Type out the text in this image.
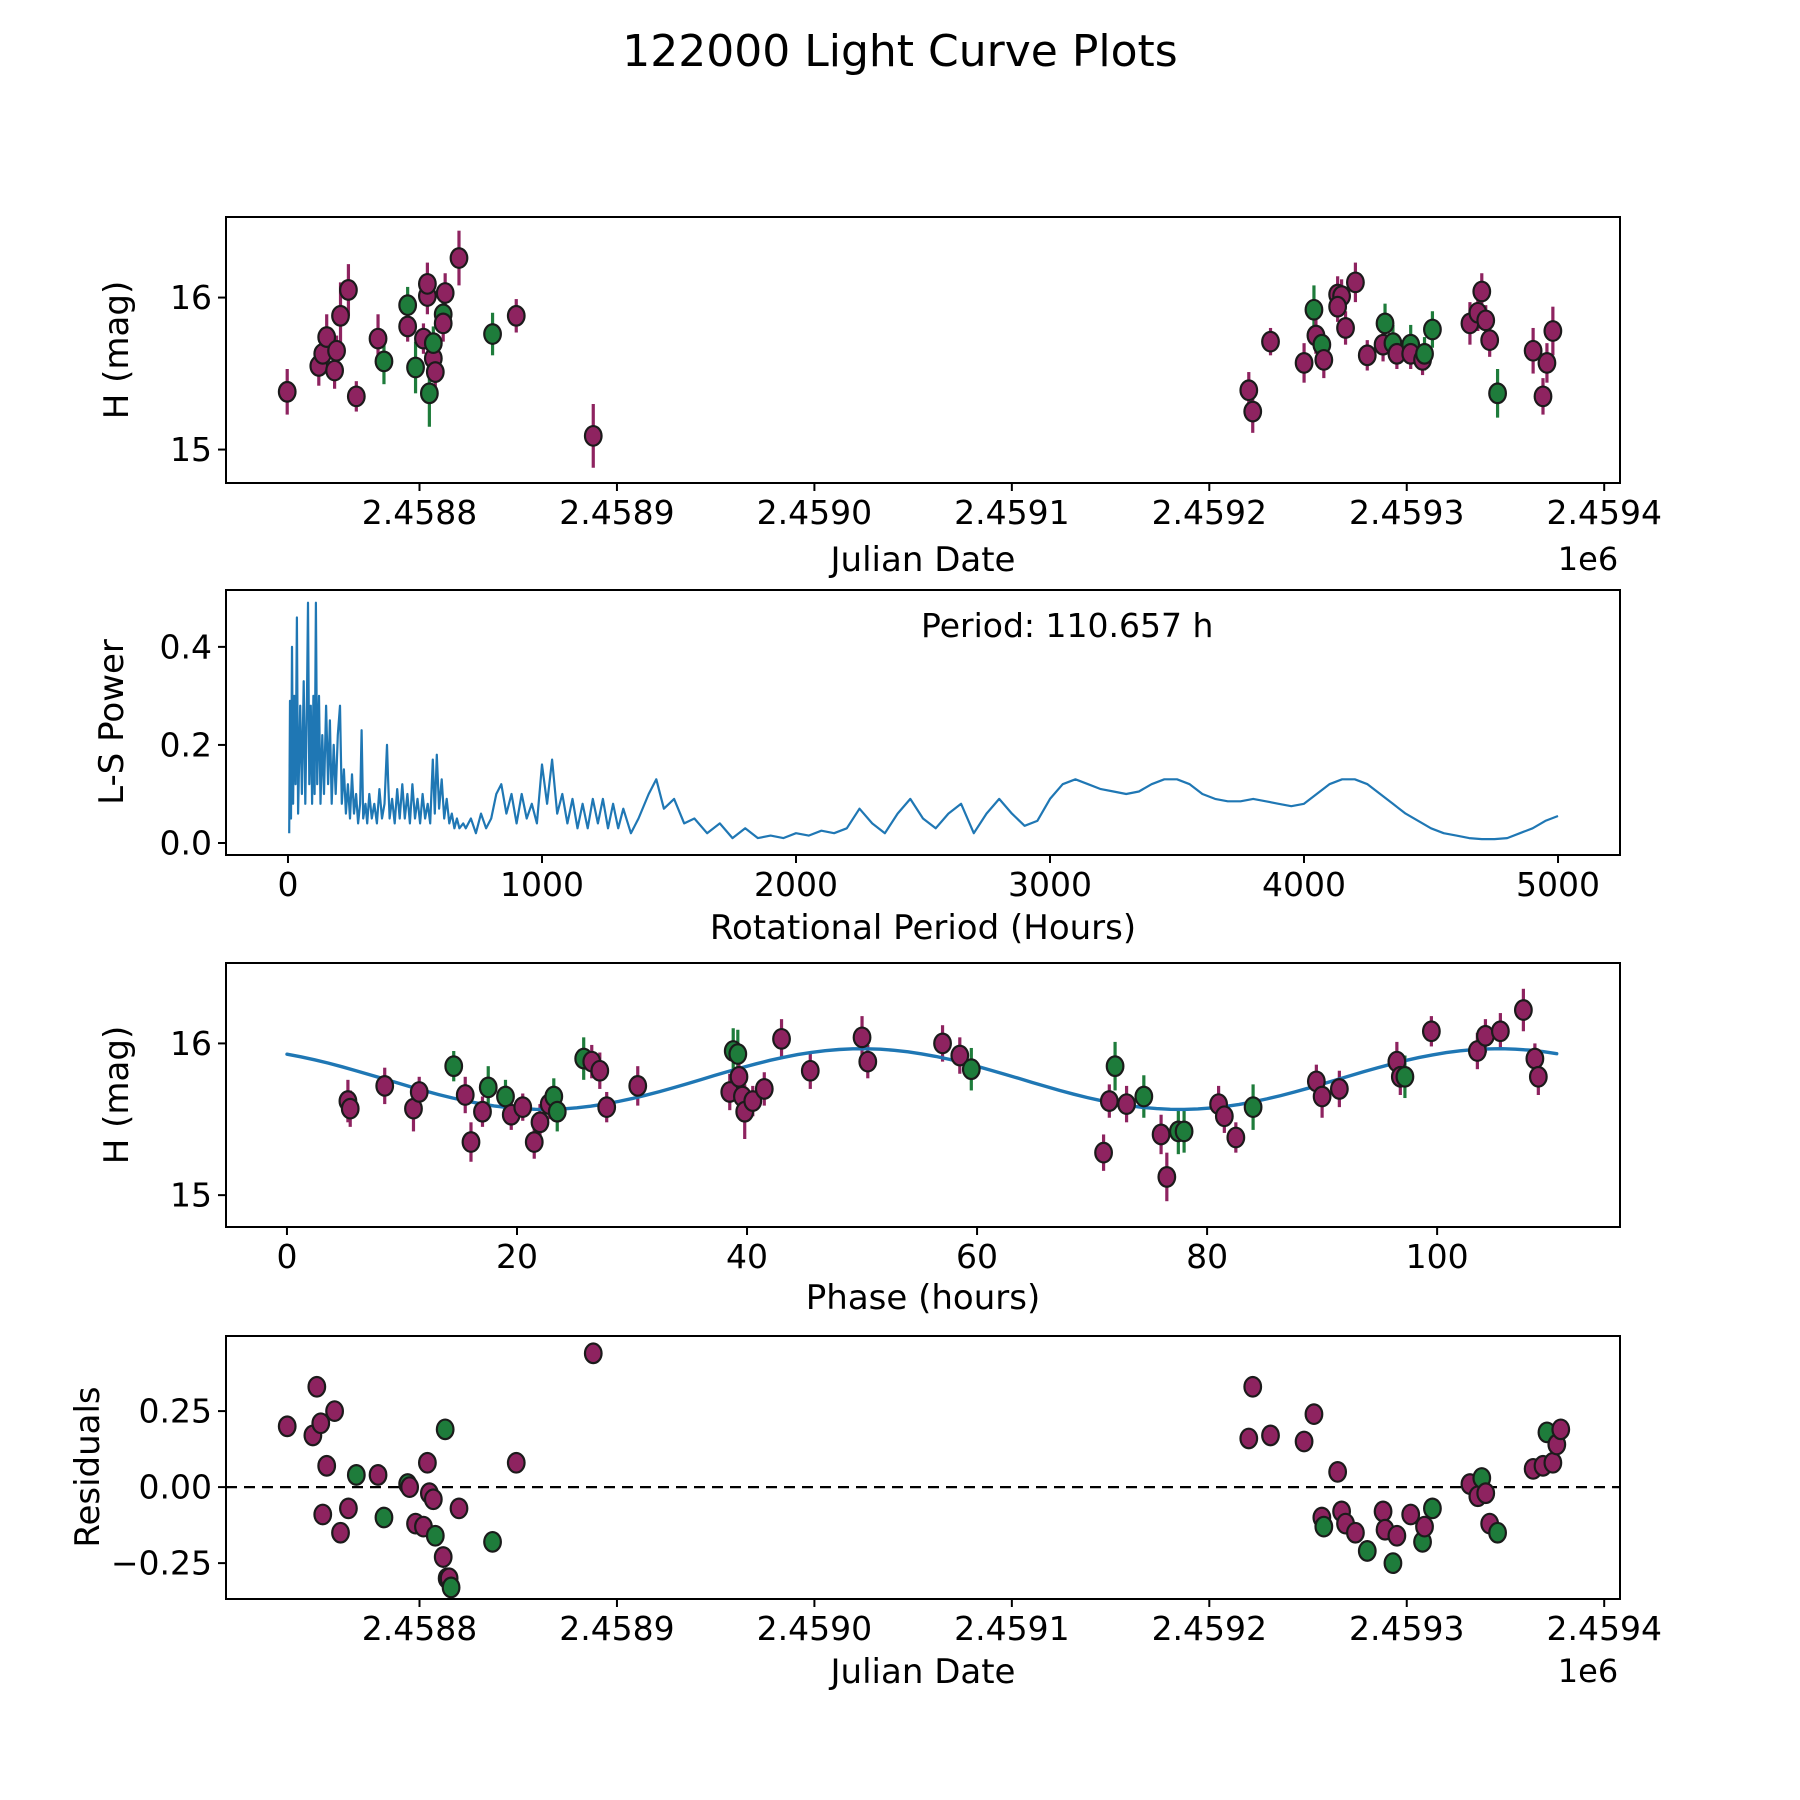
2.4588 2.4589 2.4590 2.4591 2.4592 2.4593 2.4594
16
15
0	1000	2000	3000	4000	5000
0.0
0.2
0.4
0	20	40	60	80	100
16
15
2.4588 2.4589 2.4590 2.4591 2.4592 2.4593 2.4594
0.25
0.00
−0.25
122000 Light Curve Plots
H (mag)
Julian Date	1e6
L-S Power
Rotational Period (Hours)
Period: 110.657 h
H (mag)
Phase (hours)
Residuals
Julian Date	1e6
